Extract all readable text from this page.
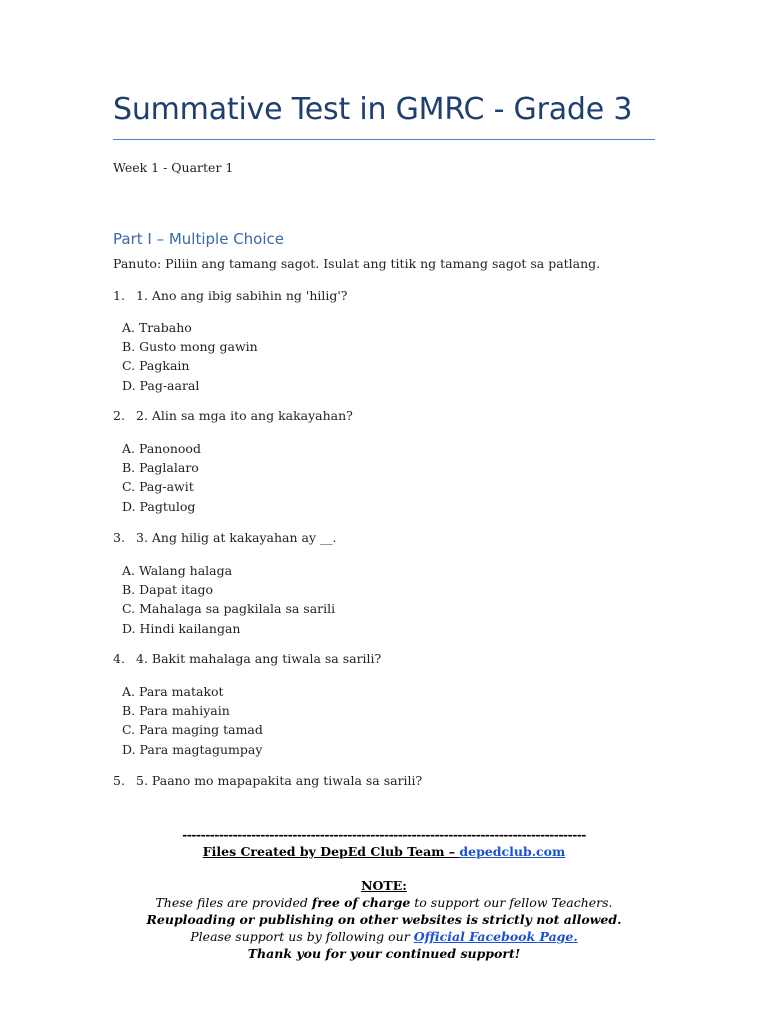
Summative Test in GMRC - Grade 3
Week 1 - Quarter 1
Part I – Multiple Choice
Panuto: Piliin ang tamang sagot. Isulat ang titik ng tamang sagot sa patlang.
1. 1. Ano ang ibig sabihin ng 'hilig'?
A. Trabaho
B. Gusto mong gawin
C. Pagkain
D. Pag-aaral
2. 2. Alin sa mga ito ang kakayahan?
A. Panonood
B. Paglalaro
C. Pag-awit
D. Pagtulog
3. 3. Ang hilig at kakayahan ay __.
A. Walang halaga
B. Dapat itago
C. Mahalaga sa pagkilala sa sarili
D. Hindi kailangan
4. 4. Bakit mahalaga ang tiwala sa sarili?
A. Para matakot
B. Para mahiyain
C. Para maging tamad
D. Para magtagumpay
5. 5. Paano mo mapapakita ang tiwala sa sarili?
----------------------------------------------------------------------------------------
Files Created by DepEd Club Team – depedclub.com
NOTE:
These files are provided free of charge to support our fellow Teachers.
Reuploading or publishing on other websites is strictly not allowed.
Please support us by following our Official Facebook Page.
Thank you for your continued support!
